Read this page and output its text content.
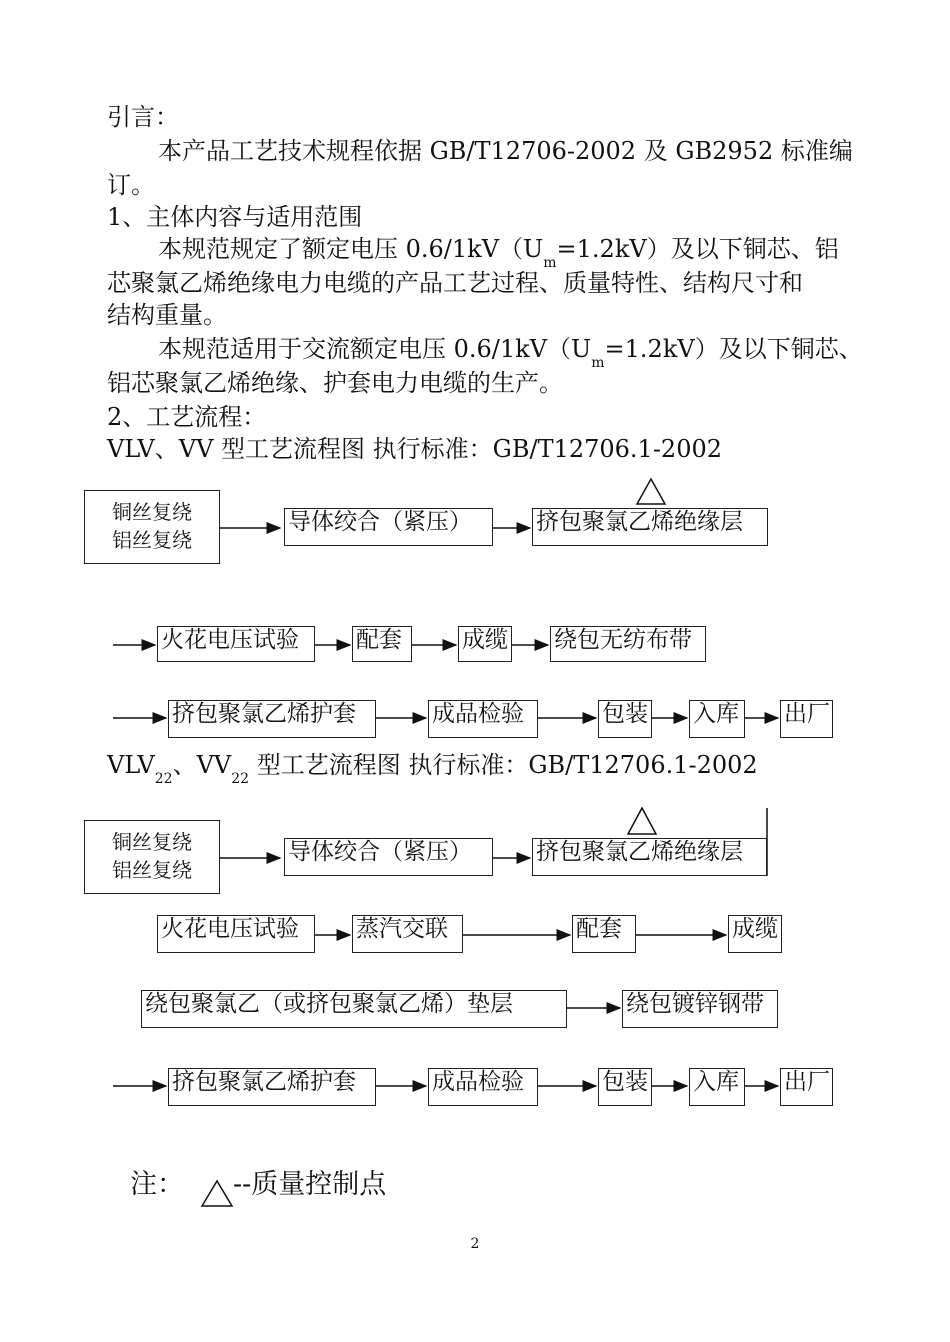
引言：
本产品工艺技术规程依据 GB/T12706-2002 及 GB2952 标准编
订。
1、主体内容与适用范围
本规范规定了额定电压 $0.6/1kV(U_m=1.2kV)$及以下铜芯、铝
芯聚氯乙烯绝缘电力电缆的产品工艺过程、质量特性、结构尺寸和
结构重量。
本规范适用于交流额定电压 $0.6/1kV(U_m=1.2kV)$及以下铜芯、
铝芯聚氯乙烯绝缘、护套电力电缆的生产。
2、工艺流程：
VLV、VV 型工艺流程图 执行标准：GB/T12706.1-2002
铜丝复绕
铝丝复绕
导体绞合（紧压）	挤包聚氯乙烯绝缘层
火花电压试验	配套	成缆 绕包无纺布带
挤包聚氯乙烯护套	成品检验	包装 入库 出厂
$VLV_{22}$、$VV_{22}$ 型工艺流程图 执行标准：GB/T12706.1-2002
铜丝复绕
铝丝复绕
导体绞合（紧压）	挤包聚氯乙烯绝缘层
火花电压试验	蒸汽交联	配套	成缆
绕包聚氯乙（或挤包聚氯乙烯）垫层	绕包镀锌钢带
挤包聚氯乙烯护套	成品检验	包装 入库 出厂
注： --质量控制点
2
